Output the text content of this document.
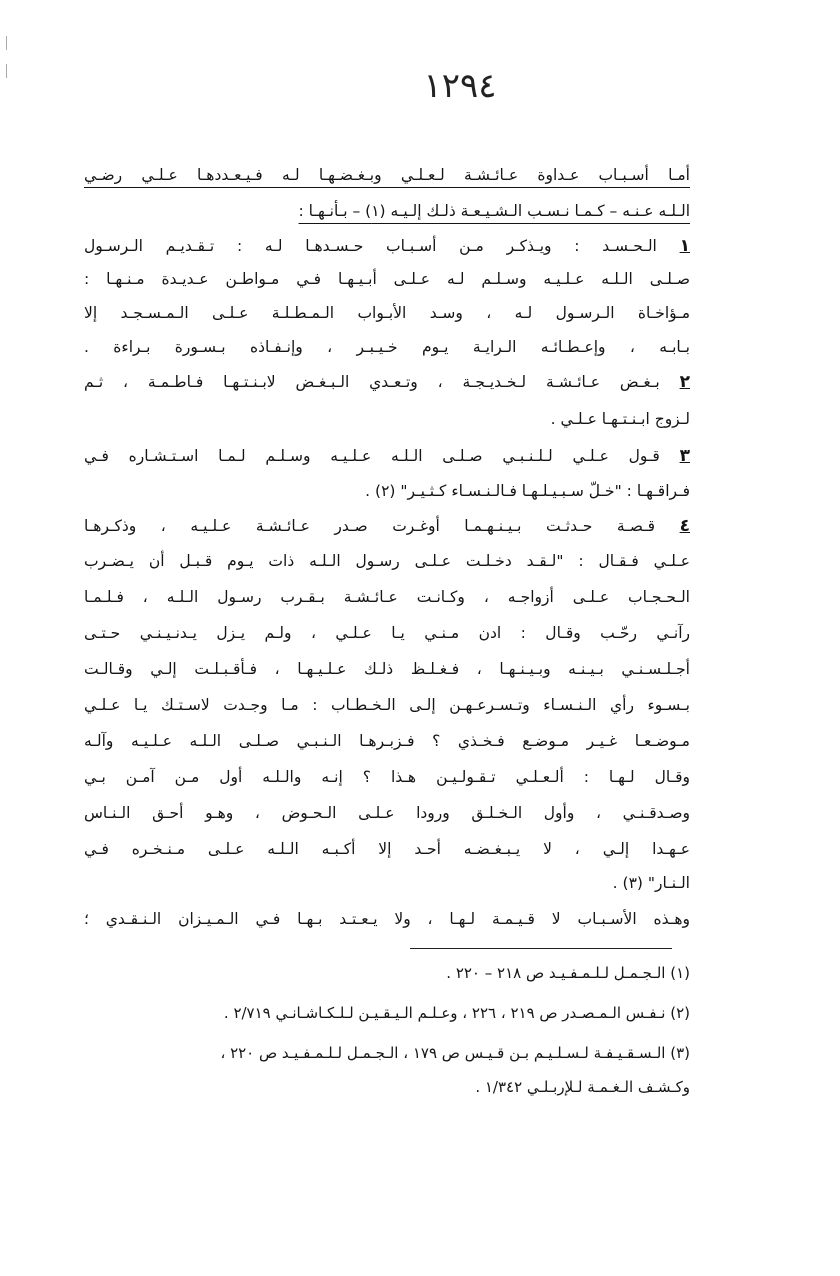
١٢٩٤
أمـا أسـبـاب عـداوة عـائـشـة لـعـلـي وبـغـضـهـا لـه فـيـعـددهـا عـلـي رضـي
الـلـه عـنـه – كـمـا نـسـب الـشـيـعـة ذلـك إلـيـه (١) – بـأنـهـا :
١ الـحـسـد : ويـذكـر مـن أسـبـاب حـسـدهـا لـه : تـقـديـم الـرسـول
صـلـى الـلـه عـلـيـه وسـلـم لـه عـلـى أبـيـهـا فـي مـواطـن عـديـدة مـنـهـا :
مـؤاخـاة الـرسـول لـه ، وسـد الأبـواب الـمـطـلـة عـلـى الـمـسـجـد إلا
بـابـه ، وإعـطـائـه الـرايـة يـوم خـيـبـر ، وإنـفـاذه بـسـورة بـراءة .
٢ بـغـض عـائـشـة لـخـديـجـة ، وتـعـدي الـبـغـض لابـنـتـهـا فـاطـمـة ، ثـم
لـزوج ابـنـتـهـا عـلـي .
٣ قـول عـلـي لـلـنـبـي صـلـى الـلـه عـلـيـه وسـلـم لـمـا اسـتـشـاره فـي
فـراقـهـا : "خـلّ سـبـيـلـهـا فـالـنـسـاء كـثـيـر" (٢) .
٤ قـصـة حـدثـت بـيـنـهـمـا أوغـرت صـدر عـائـشـة عـلـيـه ، وذكـرهـا
عـلـي فـقـال : "لـقـد دخـلـت عـلـى رسـول الـلـه ذات يـوم قـبـل أن يـضـرب
الـحـجـاب عـلـى أزواجـه ، وكـانـت عـائـشـة بـقـرب رسـول الـلـه ، فـلـمـا
رآنـي رحّـب وقـال : ادن مـنـي يـا عـلـي ، ولـم يـزل يـدنـيـنـي حـتـى
أجـلـسـنـي بـيـنـه وبـيـنـهـا ، فـغـلـظ ذلـك عـلـيـهـا ، فـأقـبـلـت إلـي وقـالـت
بـسـوء رأي الـنـسـاء وتـسـرعـهـن إلـى الـخـطـاب : مـا وجـدت لاسـتـك يـا عـلـي
مـوضـعـا غـيـر مـوضـع فـخـذي ؟ فـزبـرهـا الـنـبـي صـلـى الـلـه عـلـيـه وآلـه
وقـال لـهـا : ألـعـلـي تـقـولـيـن هـذا ؟ إنـه والـلـه أول مـن آمـن بـي
وصـدقـنـي ، وأول الـخـلـق ورودا عـلـى الـحـوض ، وهـو أحـق الـنـاس
عـهـدا إلـي ، لا يـبـغـضـه أحـد إلا أكـبـه الـلـه عـلـى مـنـخـره فـي
الـنـار" (٣) .
وهـذه الأسـبـاب لا قـيـمـة لـهـا ، ولا يـعـتـد بـهـا فـي الـمـيـزان الـنـقـدي ؛
(١) الـجـمـل لـلـمـفـيـد ص ٢١٨ – ٢٢٠ .
(٢) نـفـس الـمـصـدر ص ٢١٩ ، ٢٢٦ ، وعـلـم الـيـقـيـن لـلـكـاشـانـي ٢/٧١٩ .
(٣) الـسـقـيـفـة لـسـلـيـم بـن قـيـس ص ١٧٩ ، الـجـمـل لـلـمـفـيـد ص ٢٢٠ ،
وكـشـف الـغـمـة لـلإربـلـي ١/٣٤٢ .
